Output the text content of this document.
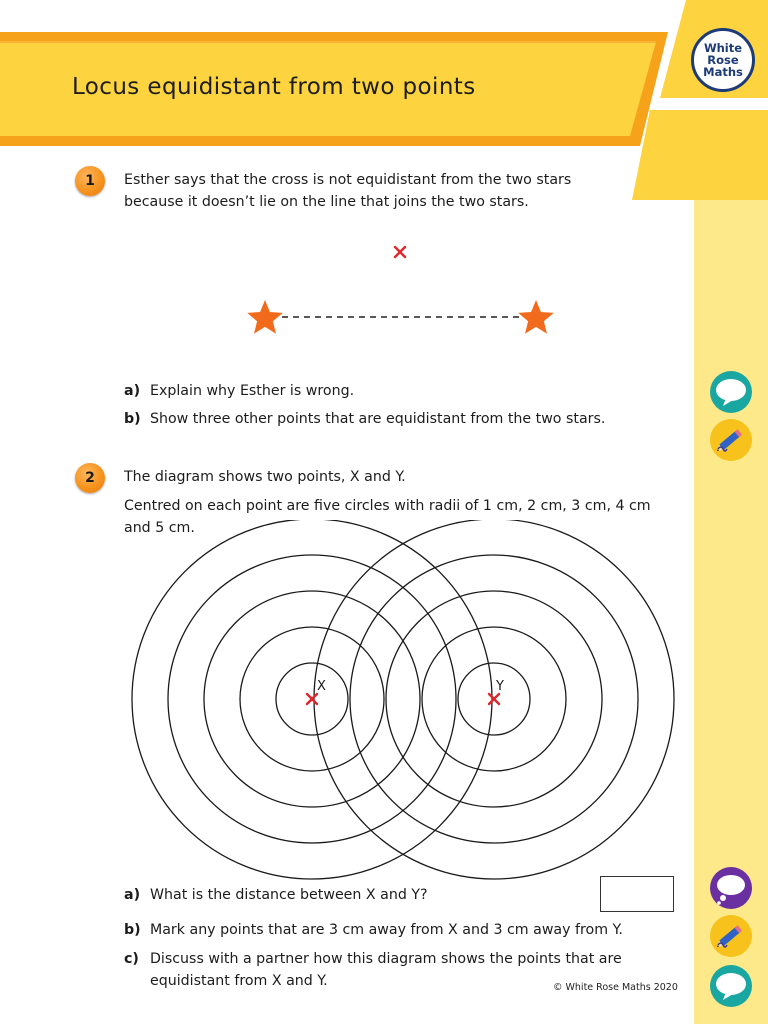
White
Rose
Maths
Locus equidistant from two points
1	Esther says that the cross is not equidistant from the two stars
because it doesn’t lie on the line that joins the two stars.
a) Explain why Esther is wrong.
b) Show three other points that are equidistant from the two stars.
2	The diagram shows two points, X and Y.
Centred on each point are five circles with radii of 1 cm, 2 cm, 3 cm, 4 cm
and 5 cm.
X	Y
a) What is the distance between X and Y?
b) Mark any points that are 3 cm away from X and 3 cm away from Y.
c) Discuss with a partner how this diagram shows the points that are
equidistant from X and Y.	© White Rose Maths 2020
